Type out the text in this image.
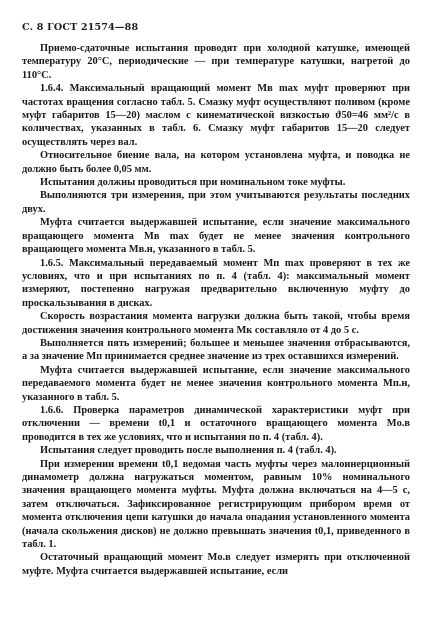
С. 8 ГОСТ 21574—88

Приемо-сдаточные испытания проводят при холодной катушке, имеющей температуру 20°С, периодические — при температуре катушки, нагретой до 110°С.

1.6.4. Максимальный вращающий момент Mв max муфт проверяют при частотах вращения согласно табл. 5. Смазку муфт осуществляют поливом (кроме муфт габаритов 15—20) маслом с кинематической вязкостью ϑ50=46 мм²/с в количествах, указанных в табл. 6. Смазку муфт габаритов 15—20 следует осуществлять через вал.

Относительное биение вала, на котором установлена муфта, и поводка не должно быть более 0,05 мм.

Испытания должны проводиться при номинальном токе муфты.

Выполняются три измерения, при этом учитываются результаты последних двух.

Муфта считается выдержавшей испытание, если значение максимального вращающего момента Mв max будет не менее значения контрольного вращающего момента Mв.н, указанного в табл. 5.

1.6.5. Максимальный передаваемый момент Mп max проверяют в тех же условиях, что и при испытаниях по п. 4 (табл. 4): максимальный момент измеряют, постепенно нагружая предварительно включенную муфту до проскальзывания в дисках.

Скорость возрастания момента нагрузки должна быть такой, чтобы время достижения значения контрольного момента Mк составляло от 4 до 5 с.

Выполняется пять измерений; большее и меньшее значения отбрасываются, а за значение Mп принимается среднее значение из трех оставшихся измерений.

Муфта считается выдержавшей испытание, если значение максимального передаваемого момента будет не менее значения контрольного момента Mп.н, указанного в табл. 5.

1.6.6. Проверка параметров динамической характеристики муфт при отключении — времени t0,1 и остаточного вращающего момента Mо.в проводится в тех же условиях, что и испытания по п. 4 (табл. 4).

Испытания следует проводить после выполнения п. 4 (табл. 4).

При измерении времени t0,1 ведомая часть муфты через малоинерционный динамометр должна нагружаться моментом, равным 10% номинального значения вращающего момента муфты. Муфта должна включаться на 4—5 с, затем отключаться. Зафиксированное регистрирующим прибором время от момента отключения цепи катушки до начала опадания установленного момента (начала скольжения дисков) не должно превышать значения t0,1, приведенного в табл. 1.

Остаточный вращающий момент Mо.в следует измерять при отключенной муфте. Муфта считается выдержавшей испытание, если
